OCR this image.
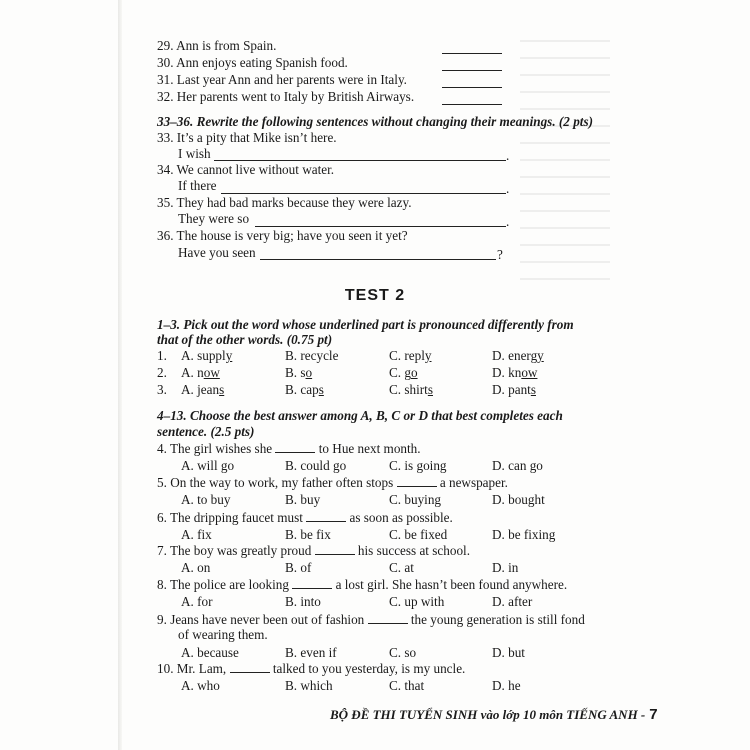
29. Ann is from Spain.
30. Ann enjoys eating Spanish food.
31. Last year Ann and her parents were in Italy.
32. Her parents went to Italy by British Airways.
33–36. Rewrite the following sentences without changing their meanings. (2 pts)
33. It’s a pity that Mike isn’t here.
I wish	.
34. We cannot live without water.
If there	.
35. They had bad marks because they were lazy.
They were so	.
36. The house is very big; have you seen it yet?
Have you seen	?
TEST 2
1–3. Pick out the word whose underlined part is pronounced differently from
that of the other words. (0.75 pt)
1. A. supply	B. recycle	C. reply	D. energy
2. A. now	B. so	C. go	D. know
3. A. jeans	B. caps	C. shirts	D. pants
4–13. Choose the best answer among A, B, C or D that best completes each
sentence. (2.5 pts)
4. The girl wishes she	to Hue next month.
A. will go	B. could go	C. is going	D. can go
5. On the way to work, my father often stops	a newspaper.
A. to buy	B. buy	C. buying	D. bought
6. The dripping faucet must	as soon as possible.
A. fix	B. be fix	C. be fixed	D. be fixing
7. The boy was greatly proud	his success at school.
A. on	B. of	C. at	D. in
8. The police are looking	a lost girl. She hasn’t been found anywhere.
A. for	B. into	C. up with	D. after
9. Jeans have never been out of fashion	the young generation is still fond
of wearing them.
A. because	B. even if	C. so	D. but
10. Mr. Lam,	talked to you yesterday, is my uncle.
A. who	B. which	C. that	D. he
BỘ ĐỀ THI TUYỂN SINH vào lớp 10 môn TIẾNG ANH - 7
